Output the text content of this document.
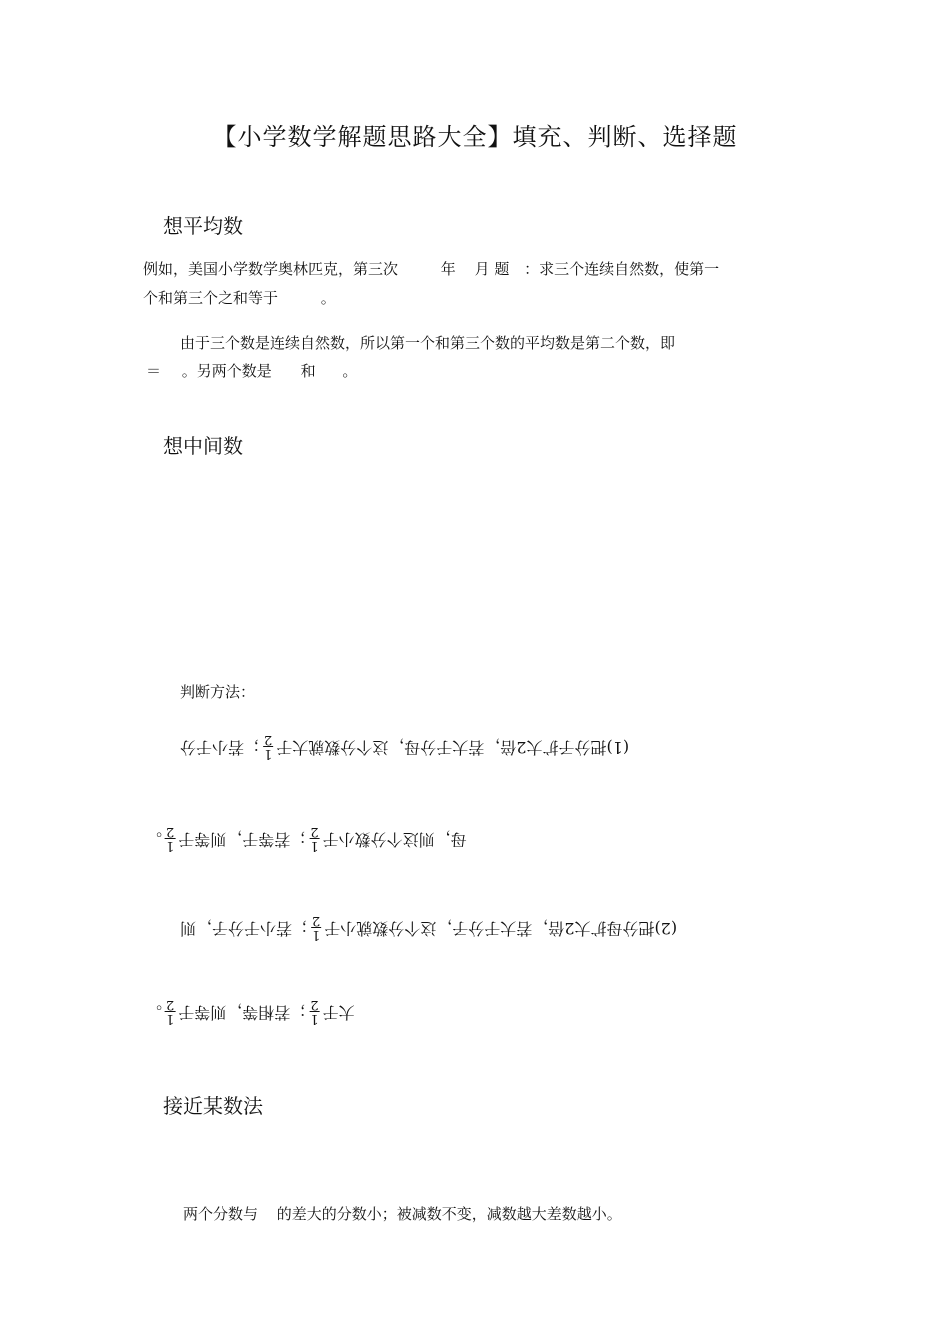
【小学数学解题思路大全】填充、判断、选择题
想平均数
例如，美国小学数学奥林匹克，第三次	年 月 题 ：求三个连续自然数，使第一
个和第三个之和等于	。
由于三个数是连续自然数，所以第一个和第三个数的平均数是第二个数，即
＝ 。另两个数是 和 。
想中间数
判断方法：
(1)把分子扩大2倍，若大于分母，这个分数就大于
1
2
；若小于分
母，则这个分数小于
1
2
；若等于，则等于
1
2
。
(2)把分母扩大2倍，若大于分子，这个分数就小于
1
2
；若小于分子，则
大于
1
2
；若相等，则等于
1
2
。
接近某数法
两个分数与 的差大的分数小；被减数不变，减数越大差数越小。
